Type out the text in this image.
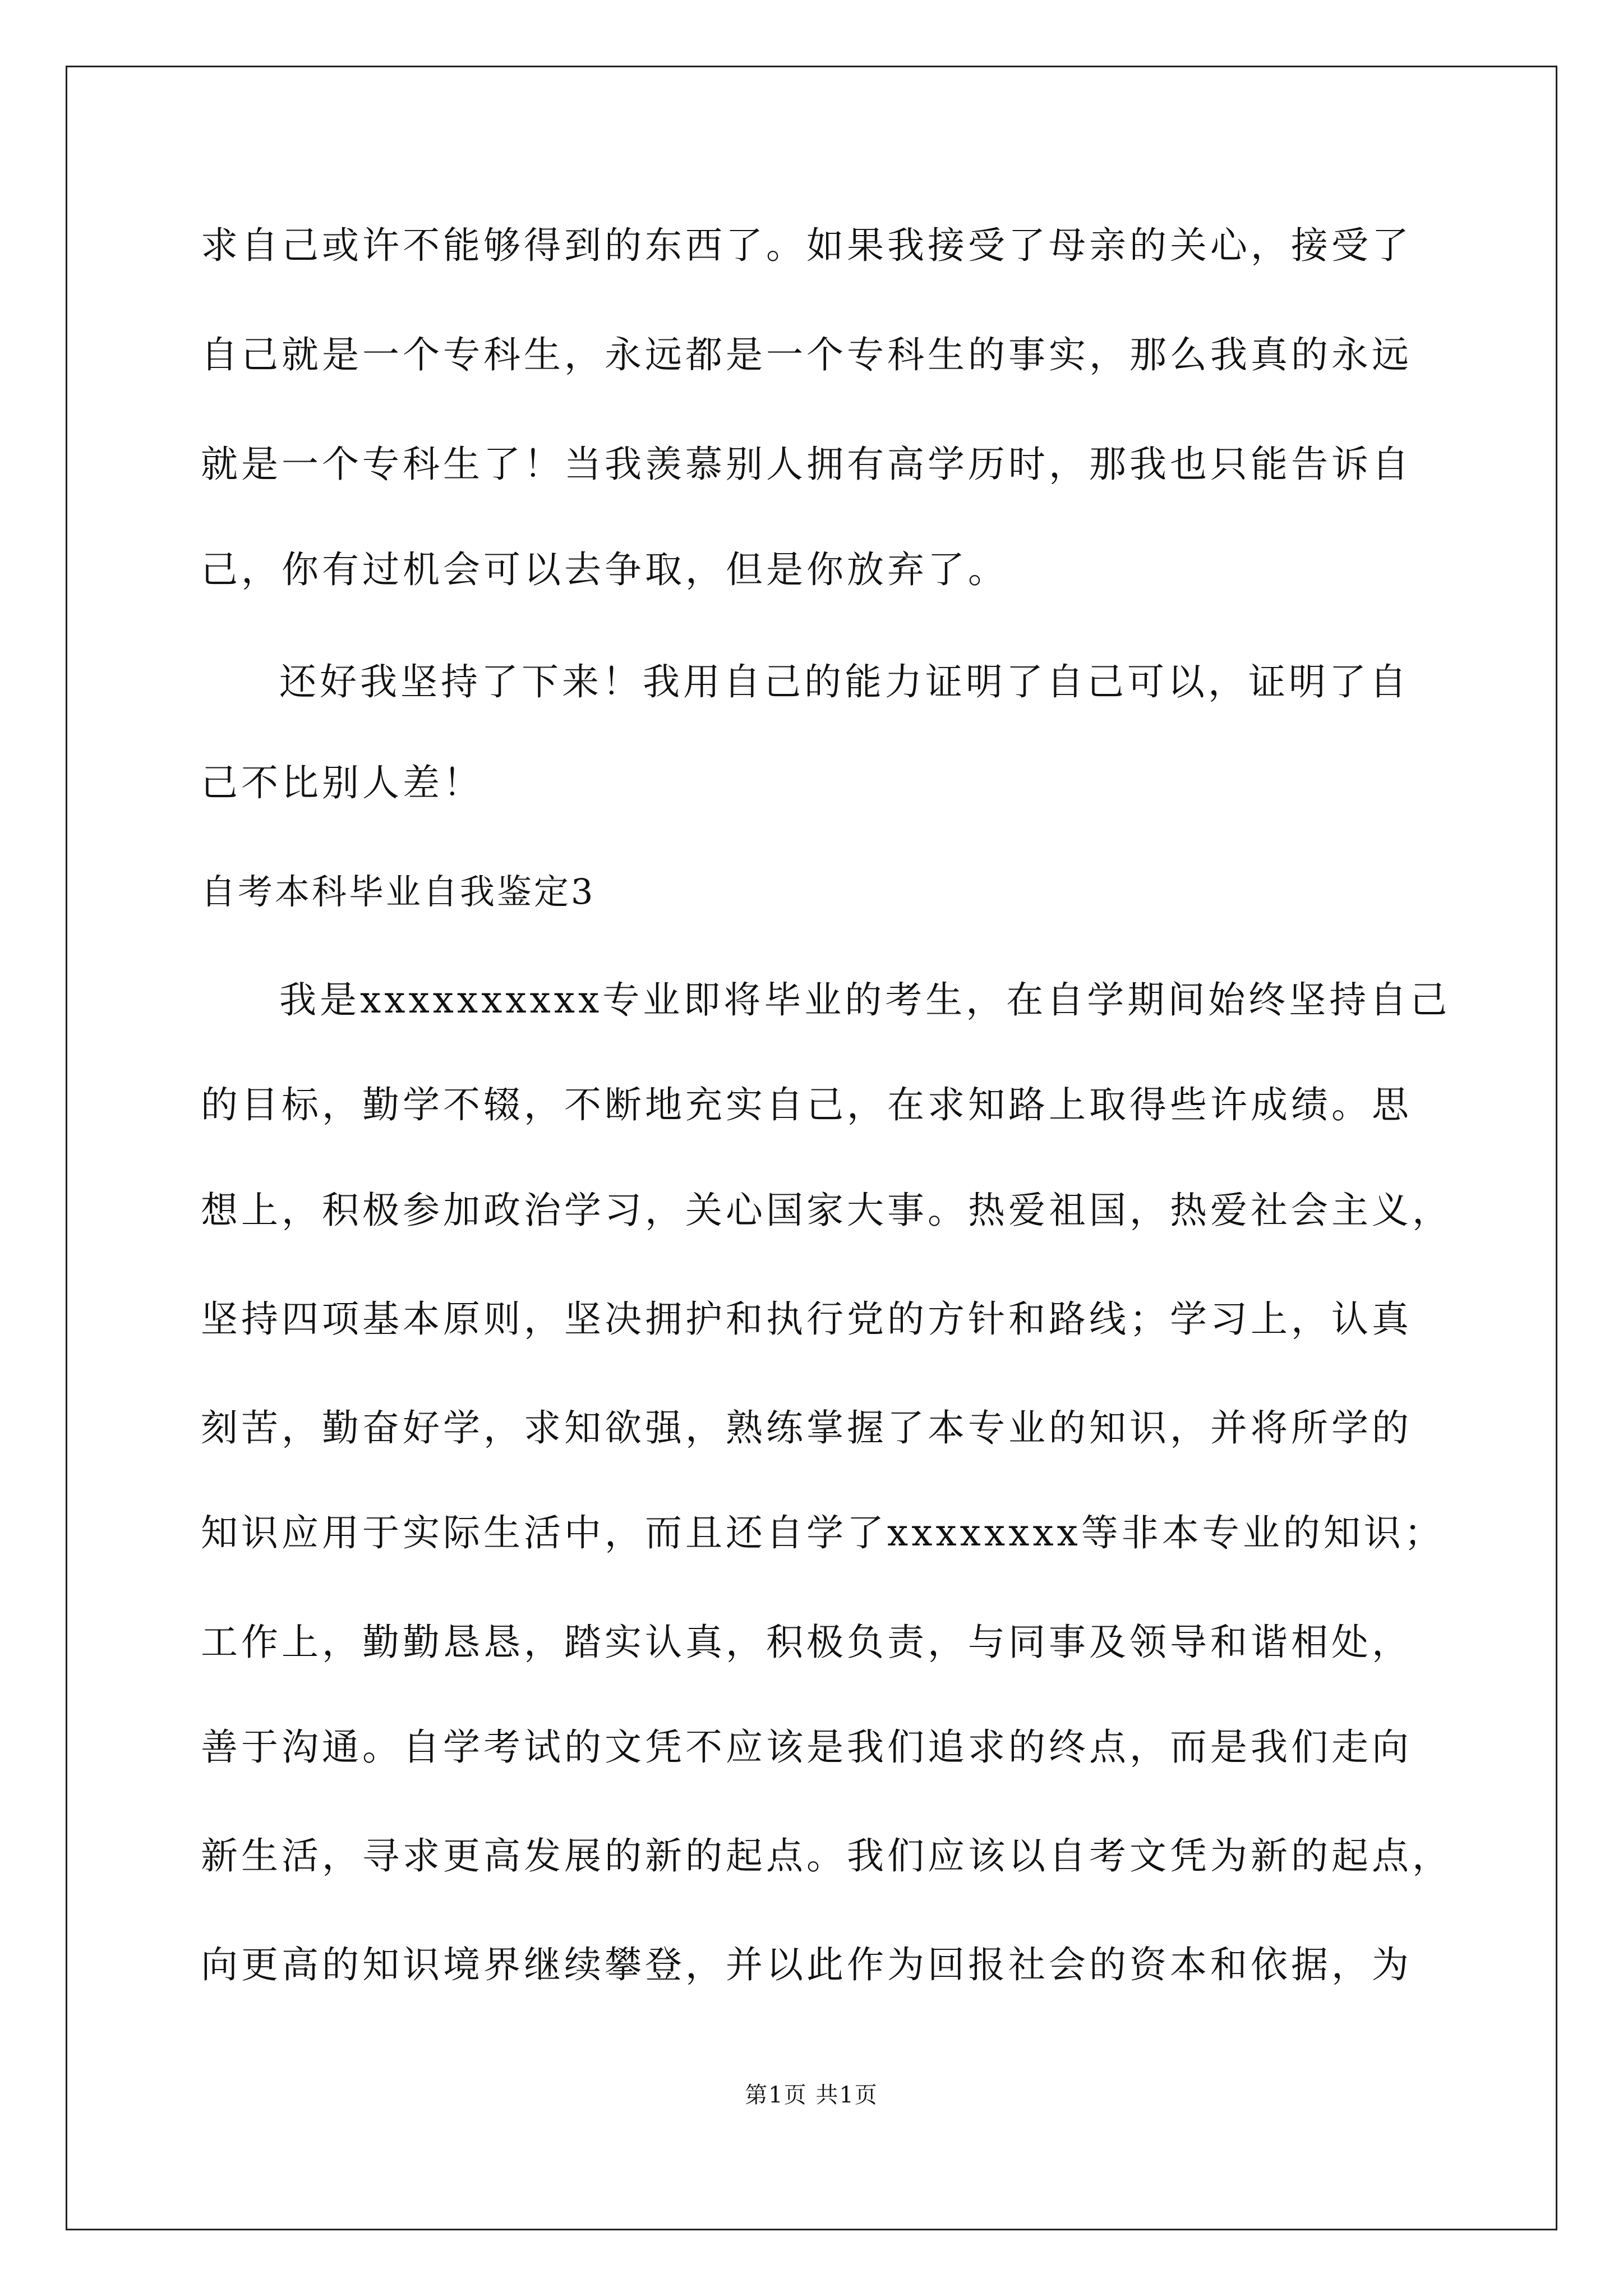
求自己或许不能够得到的东西了。如果我接受了母亲的关心，接受了
自己就是一个专科生，永远都是一个专科生的事实，那么我真的永远
就是一个专科生了！当我羡慕别人拥有高学历时，那我也只能告诉自
己，你有过机会可以去争取，但是你放弃了。
还好我坚持了下来！我用自己的能力证明了自己可以，证明了自
己不比别人差！
自考本科毕业自我鉴定3
我是xxxxxxxxxx专业即将毕业的考生，在自学期间始终坚持自己
的目标，勤学不辍，不断地充实自己，在求知路上取得些许成绩。思
想上，积极参加政治学习，关心国家大事。热爱祖国，热爱社会主义，
坚持四项基本原则，坚决拥护和执行党的方针和路线；学习上，认真
刻苦，勤奋好学，求知欲强，熟练掌握了本专业的知识，并将所学的
知识应用于实际生活中，而且还自学了xxxxxxxx等非本专业的知识；
工作上，勤勤恳恳，踏实认真，积极负责，与同事及领导和谐相处，
善于沟通。自学考试的文凭不应该是我们追求的终点，而是我们走向
新生活，寻求更高发展的新的起点。我们应该以自考文凭为新的起点，
向更高的知识境界继续攀登，并以此作为回报社会的资本和依据，为
第1页 共1页
